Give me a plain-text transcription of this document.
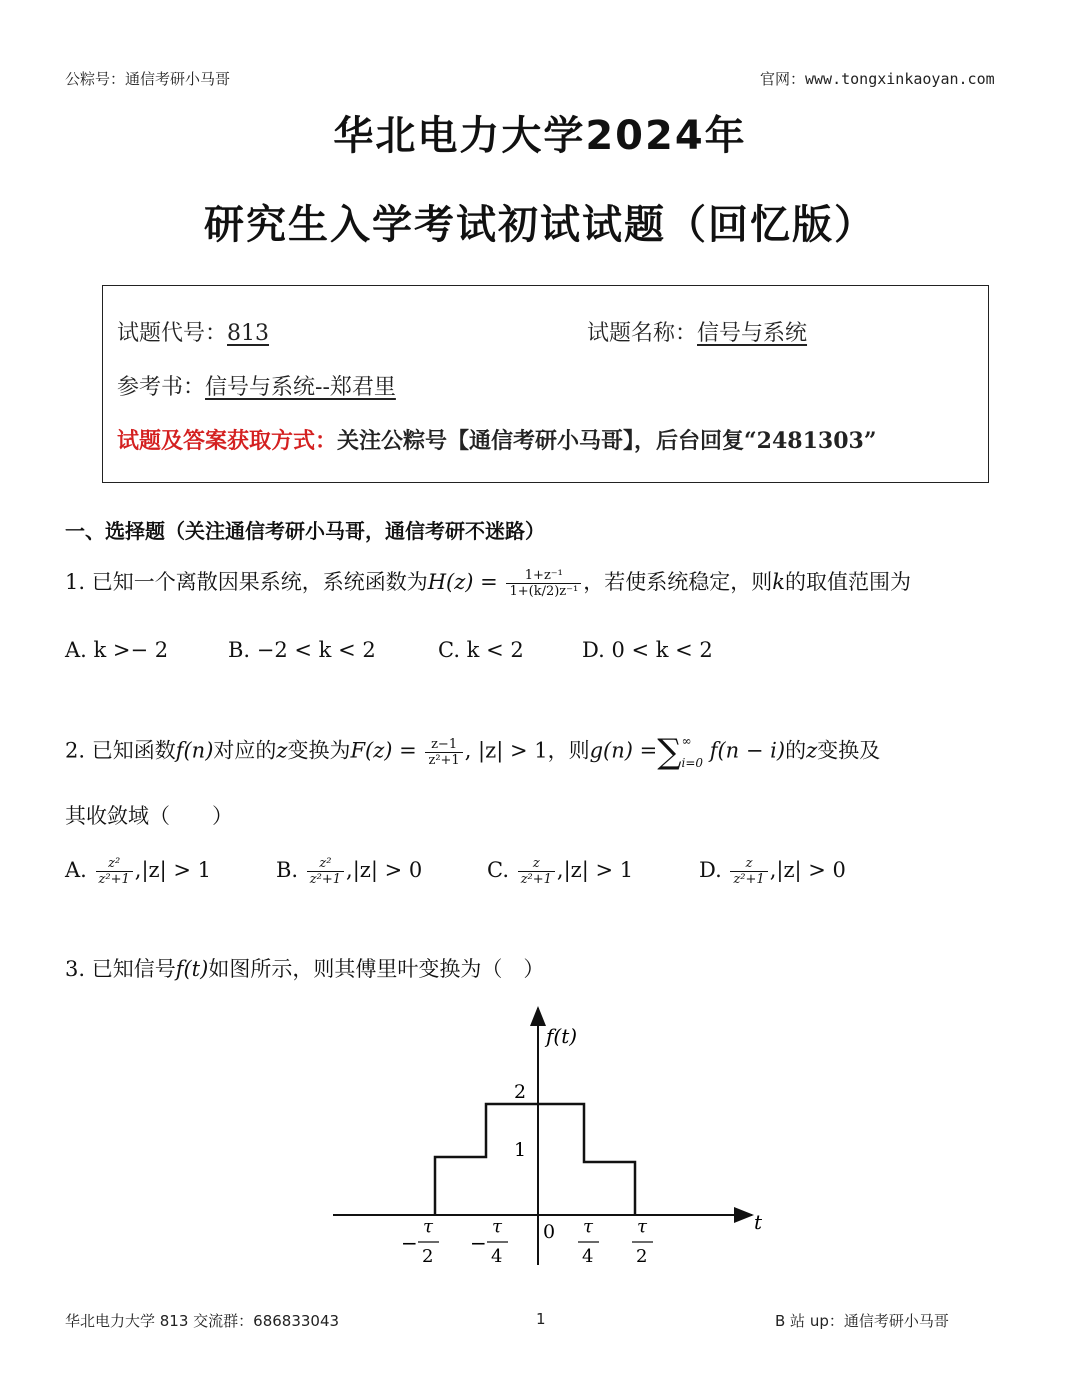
公粽号：通信考研小马哥	官网：www.tongxinkaoyan.com
华北电力大学2024年
研究生入学考试初试试题（回忆版）
试题代号：813	试题名称：信号与系统
参考书：信号与系统--郑君里
试题及答案获取方式：关注公粽号【通信考研小马哥】，后台回复“2481303”
一、选择题（关注通信考研小马哥，通信考研不迷路）
1. 已知一个离散因果系统，系统函数为$H(z) = \frac{\text{1+z⁻¹}}{\text{1+(k/2)z⁻¹}}$ ，若使系统稳定，则k的取值范围为
A. k >− 2	B. −2 < k < 2	C. k < 2	D. 0 < k < 2
2. 已知函数f(n)对应的z变换为$F(z) = \frac{z-1}{\text{z²+1}}$ , |z| > 1，则g(n) =∑ ∞
i=0
f(n − i)的z变换及
其收敛域（　　）
A. $\frac{\text{z²}}{\text{z²+1}} ,|z| > 1$	B. $\frac{\text{z²}}{\text{z²+1}} ,|z| > 0$	C. $\frac{z}{\text{z²+1}} ,|z| > 1$	D. $\frac{z}{\text{z²+1}} ,|z| > 0$
3. 已知信号f(t)如图所示，则其傅里叶变换为（　）
f(t)
t
2
1
0
−
τ
2
−
τ
4
τ
4
τ
2
华北电力大学 813 交流群：686833043	1	B 站 up：通信考研小马哥
